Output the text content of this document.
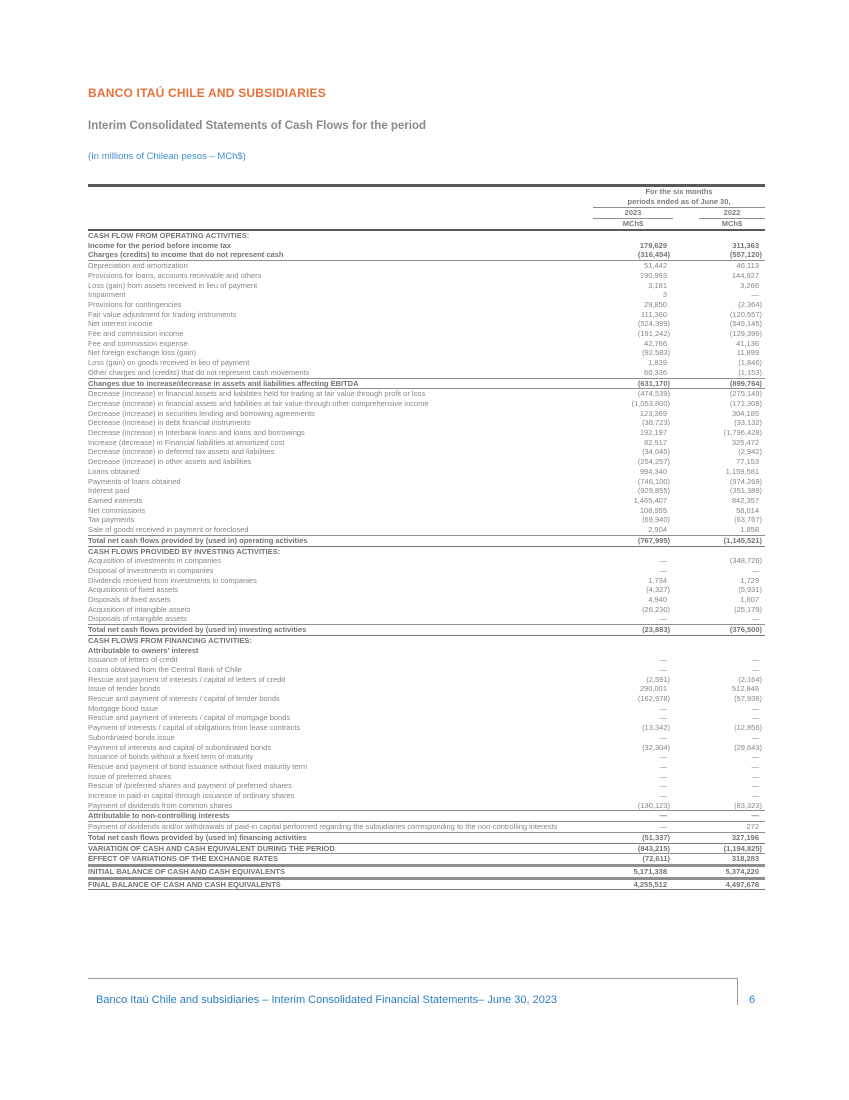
BANCO ITAÚ CHILE AND SUBSIDIARIES
Interim Consolidated Statements of Cash Flows for the period
(In millions of Chilean pesos – MCh$)
	For the six months		
	periods ended as of June 30,		
	2023		2022
	MCh$		MCh$
CASH FLOW FROM OPERATING ACTIVITIES:			
Income for the period before income tax	179,629		311,363
Charges (credits) to income that do not represent cash	(316,454)		(557,120)
Depreciation and amortization	51,442		46,113
Provisions for loans, accounts receivable and others	190,993		144,927
Loss (gain) from assets received in lieu of payment	3,181		3,266
Impairment	3		—
Provisions for contingencies	29,850		(2,364)
Fair value adjustment for trading instruments	111,360		(120,557)
Net interest income	(524,399)		(549,145)
Fee and commission income	(191,242)		(129,396)
Fee and commission expense	42,766		41,136
Net foreign exchange loss (gain)	(92,583)		11,899
Loss (gain) on goods received in lieu of payment	1,839		(1,846)
Other charges and (credits) that do not represent cash movements	60,336		(1,153)
Changes due to increase/decrease in assets and liabilities affecting EBITDA	(631,170)		(899,764)
Decrease (increase) in financial assets and liabilities held for trading at fair value through profit or loss	(474,539)		(275,149)
Decrease (increase) in financial assets and liabilities at fair value through other comprehensive income	(1,053,800)		(171,308)
Decrease (increase) in securities lending and borrowing agreements	123,369		304,185
Decrease (increase) in debt financial instruments	(38,723)		(33,132)
Decrease (increase) in Interbank loans and loans and borrowings	192,197		(1,796,428)
Increase (decrease) in Financial liabilities at amortized cost	82,917		325,472
Decrease (increase) in deferred tax assets and liabilities	(34,045)		(2,942)
Decrease (increase) in other assets and liabilities	(254,257)		77,153
Loans obtained	994,340		1,159,581
Payments of loans obtained	(746,100)		(974,269)
Interest paid	(929,855)		(351,389)
Earned interests	1,465,407		842,357
Net commissions	108,955		58,014
Tax payments	(69,940)		(63,767)
Sale of goods received in payment or foreclosed	2,904		1,858
Total net cash flows provided by (used in) operating activities	(767,995)		(1,145,521)
CASH FLOWS PROVIDED BY INVESTING ACTIVITIES:			
Acquisition of investments in companies	—		(348,726)
Disposal of investments in companies	—		—
Dividends received from investments in companies	1,734		1,729
Acquisitions of fixed assets	(4,327)		(5,931)
Disposals of fixed assets	4,940		1,607
Acquisition of intangible assets	(26,230)		(25,179)
Disposals of intangible assets	—		—
Total net cash flows provided by (used in) investing activities	(23,883)		(376,500)
CASH FLOWS FROM FINANCING ACTIVITIES:			
Attributable to owners' interest			
Issuance of letters of credit	—		—
Loans obtained from the Central Bank of Chile	—		—
Rescue and payment of interests / capital of letters of credit	(2,591)		(2,164)
Issue of tender bonds	290,001		512,846
Rescue and payment of interests / capital of tender bonds	(162,978)		(57,936)
Mortgage bond issue	—		—
Rescue and payment of interests / capital of mortgage bonds	—		—
Payment of interests / capital of obligations from lease contracts	(13,342)		(12,856)
Subordinated bonds issue	—		—
Payment of interests and capital of subordinated bonds	(32,304)		(29,643)
Issuance of bonds without a fixed term of maturity	—		—
Rescue and payment of bond issuance without fixed maturity term	—		—
Issue of preferred shares	—		—
Rescue of /preferred shares and payment of preferred shares	—		—
Increase in paid-in capital through issuance of ordinary shares	—		—
Payment of dividends from common shares	(130,123)		(83,323)
Attributable to non-controlling interests	—		—
Payment of dividends and/or withdrawals of paid-in capital performed regarding the subsidiaries corresponding to the non-controlling interests	—		272
Total net cash flows provided by (used in) financing activities	(51,337)		327,196
VARIATION OF CASH AND CASH EQUIVALENT DURING THE PERIOD	(843,215)		(1,194,825)
EFFECT OF VARIATIONS OF THE EXCHANGE RATES	(72,611)		318,283
INITIAL BALANCE OF CASH AND CASH EQUIVALENTS	5,171,338		5,374,220
FINAL BALANCE OF CASH AND CASH EQUIVALENTS	4,255,512		4,497,678
Banco Itaú Chile and subsidiaries – Interim Consolidated Financial Statements– June 30, 2023	6
